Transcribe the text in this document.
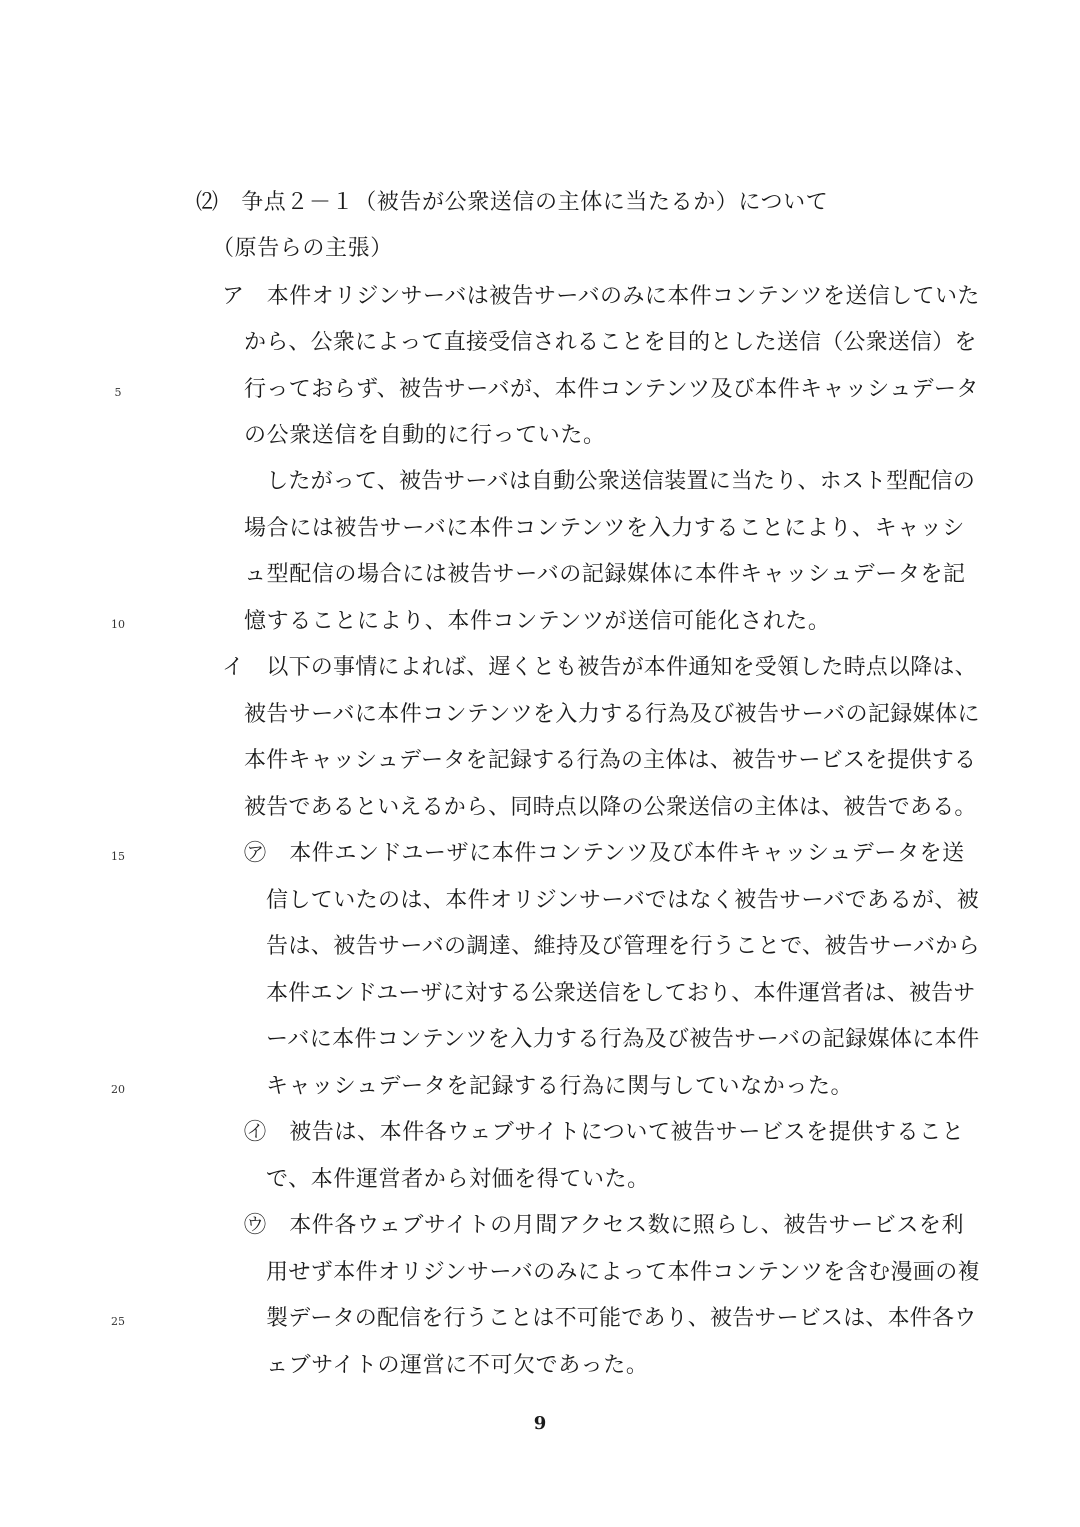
⑵　争点２－１（被告が公衆送信の主体に当たるか）について
（原告らの主張）
ア　本件オリジンサーバは被告サーバのみに本件コンテンツを送信していた
から、公衆によって直接受信されることを目的とした送信（公衆送信）を
行っておらず、被告サーバが、本件コンテンツ及び本件キャッシュデータ
の公衆送信を自動的に行っていた。
　したがって、被告サーバは自動公衆送信装置に当たり、ホスト型配信の
場合には被告サーバに本件コンテンツを入力することにより、キャッシ
ュ型配信の場合には被告サーバの記録媒体に本件キャッシュデータを記
憶することにより、本件コンテンツが送信可能化された。
イ　以下の事情によれば、遅くとも被告が本件通知を受領した時点以降は、
被告サーバに本件コンテンツを入力する行為及び被告サーバの記録媒体に
本件キャッシュデータを記録する行為の主体は、被告サービスを提供する
被告であるといえるから、同時点以降の公衆送信の主体は、被告である。
㋐　本件エンドユーザに本件コンテンツ及び本件キャッシュデータを送
信していたのは、本件オリジンサーバではなく被告サーバであるが、被
告は、被告サーバの調達、維持及び管理を行うことで、被告サーバから
本件エンドユーザに対する公衆送信をしており、本件運営者は、被告サ
ーバに本件コンテンツを入力する行為及び被告サーバの記録媒体に本件
キャッシュデータを記録する行為に関与していなかった。
㋑　被告は、本件各ウェブサイトについて被告サービスを提供すること
で、本件運営者から対価を得ていた。
㋒　本件各ウェブサイトの月間アクセス数に照らし、被告サービスを利
用せず本件オリジンサーバのみによって本件コンテンツを含む漫画の複
製データの配信を行うことは不可能であり、被告サービスは、本件各ウ
ェブサイトの運営に不可欠であった。
5
10
15
20
25
9
